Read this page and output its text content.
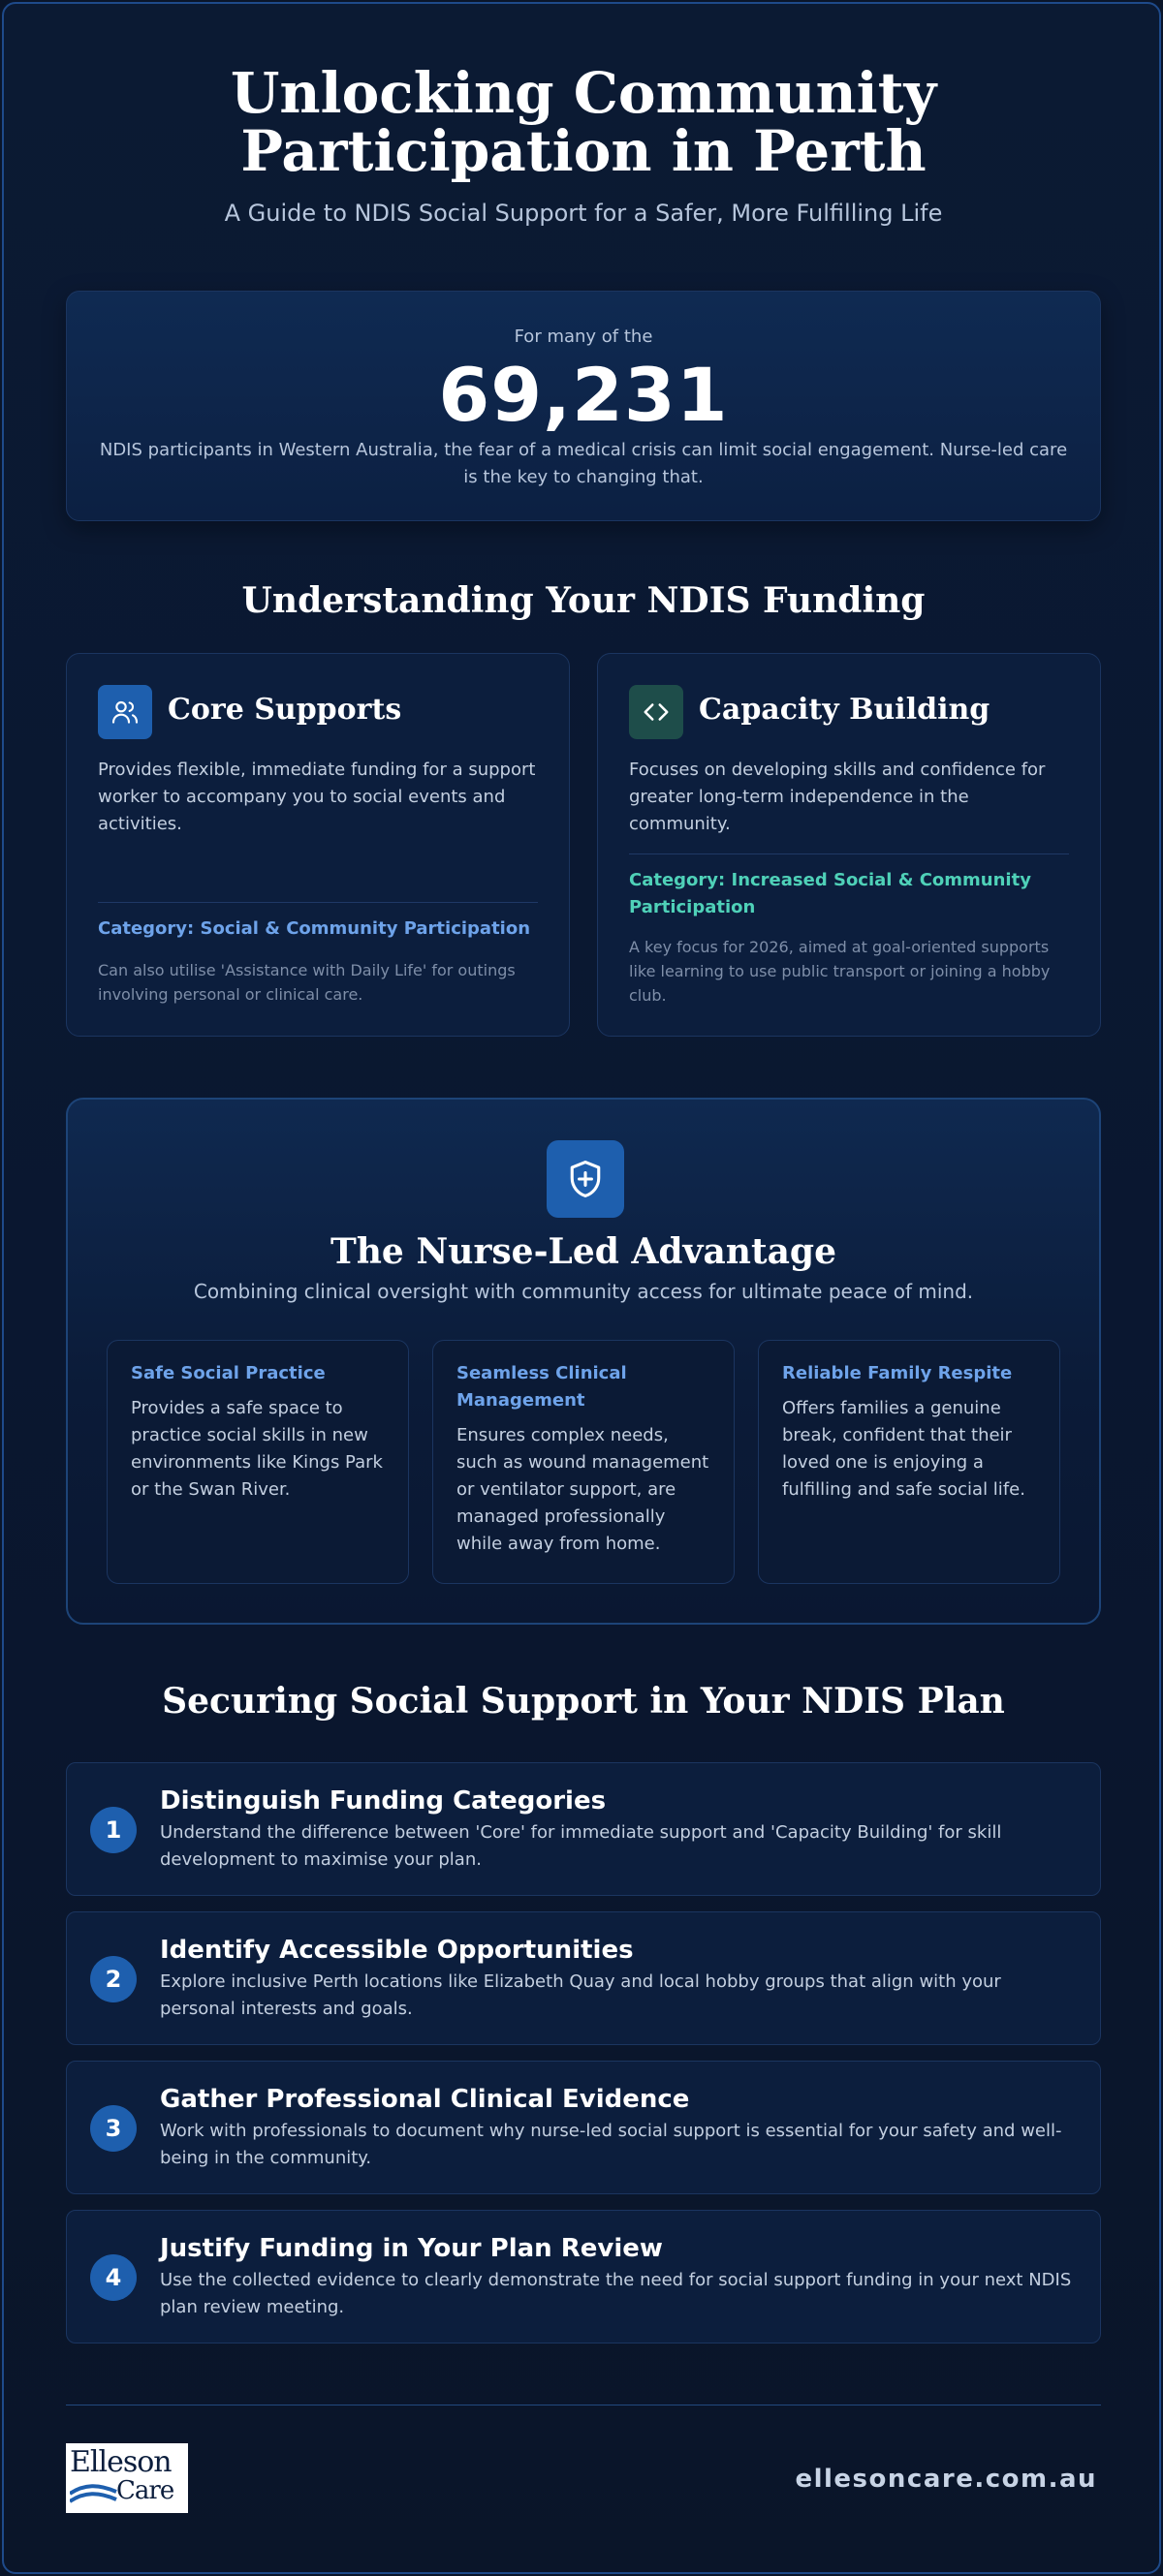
Unlocking Community
Participation in Perth
A Guide to NDIS Social Support for a Safer, More Fulfilling Life
For many of the
69,231
NDIS participants in Western Australia, the fear of a medical crisis can limit social engagement. Nurse-led care is the key to changing that.
Understanding Your NDIS Funding
Core Supports
Provides flexible, immediate funding for a support worker to accompany you to social events and activities.
Category: Social & Community Participation
Can also utilise 'Assistance with Daily Life' for outings involving personal or clinical care.
Capacity Building
Focuses on developing skills and confidence for greater long-term independence in the community.
Category: Increased Social & Community Participation
A key focus for 2026, aimed at goal-oriented supports like learning to use public transport or joining a hobby club.
The Nurse-Led Advantage
Combining clinical oversight with community access for ultimate peace of mind.
Safe Social Practice
Provides a safe space to practice social skills in new environments like Kings Park or the Swan River.
Seamless Clinical Management
Ensures complex needs, such as wound management or ventilator support, are managed professionally while away from home.
Reliable Family Respite
Offers families a genuine break, confident that their loved one is enjoying a fulfilling and safe social life.
Securing Social Support in Your NDIS Plan
1
Distinguish Funding Categories
Understand the difference between 'Core' for immediate support and 'Capacity Building' for skill development to maximise your plan.
2
Identify Accessible Opportunities
Explore inclusive Perth locations like Elizabeth Quay and local hobby groups that align with your personal interests and goals.
3
Gather Professional Clinical Evidence
Work with professionals to document why nurse-led social support is essential for your safety and well-being in the community.
4
Justify Funding in Your Plan Review
Use the collected evidence to clearly demonstrate the need for social support funding in your next NDIS plan review meeting.
Elleson
Care	ellesoncare.com.au
